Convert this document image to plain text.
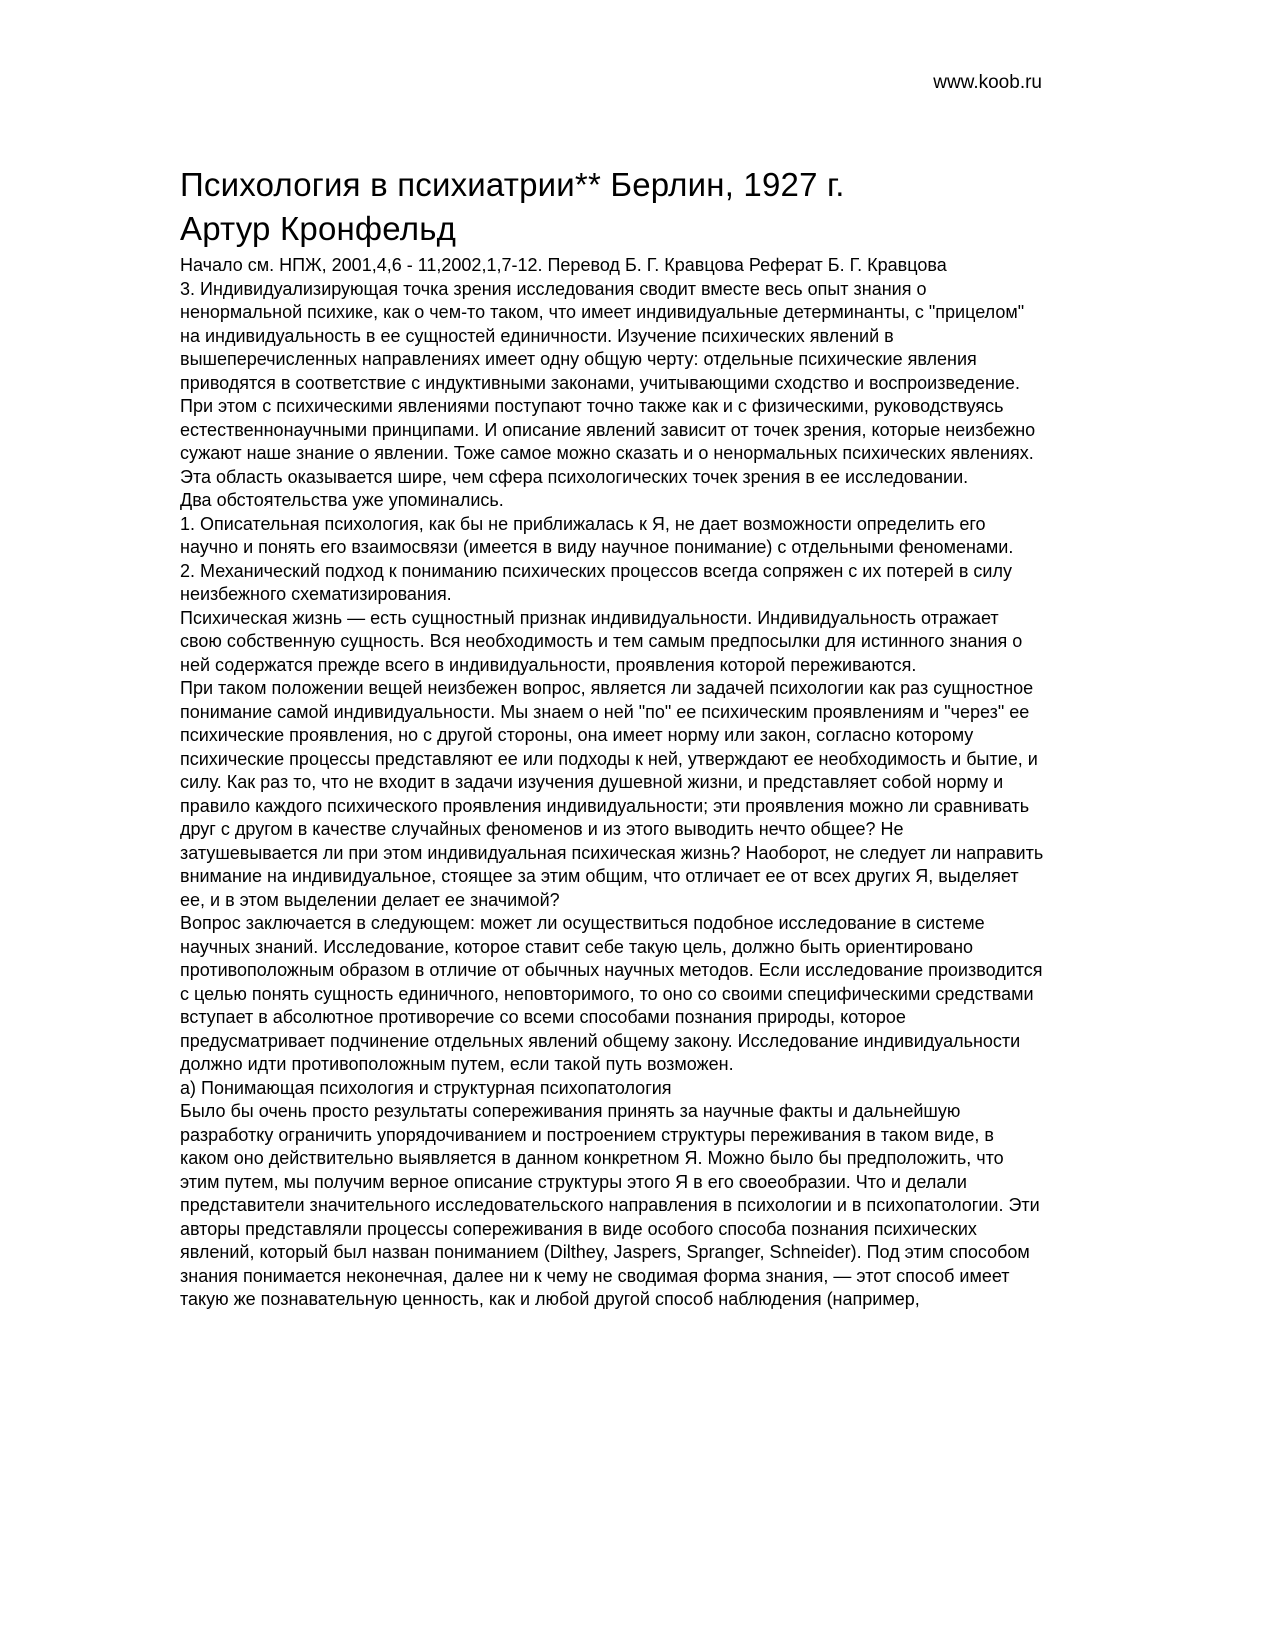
www.koob.ru
Психология в психиатрии** Берлин, 1927 г.
Артур Кронфельд

Начало см. НПЖ, 2001,4,6 - 11,2002,1,7-12. Перевод Б. Г. Кравцова Реферат Б. Г. Кравцова

3. Индивидуализирующая точка зрения исследования сводит вместе весь опыт знания о ненормальной психике, как о чем-то таком, что имеет индивидуальные детерминанты, с "прицелом" на индивидуальность в ее сущностей единичности. Изучение психических явлений в вышеперечисленных направлениях имеет одну общую черту: отдельные психические явления приводятся в соответствие с индуктивными законами, учитывающими сходство и воспроизведение. При этом с психическими явлениями поступают точно также как и с физическими, руководствуясь естественнонаучными принципами. И описание явлений зависит от точек зрения, которые неизбежно сужают наше знание о явлении. Тоже самое можно сказать и о ненормальных психических явлениях. Эта область оказывается шире, чем сфера психологических точек зрения в ее исследовании.

Два обстоятельства уже упоминались.

1. Описательная психология, как бы не приближалась к Я, не дает возможности определить его научно и понять его взаимосвязи (имеется в виду научное понимание) с отдельными феноменами.

2. Механический подход к пониманию психических процессов всегда сопряжен с их потерей в силу неизбежного схематизирования.

Психическая жизнь — есть сущностный признак индивидуальности. Индивидуальность отражает свою собственную сущность. Вся необходимость и тем самым предпосылки для истинного знания о ней содержатся прежде всего в индивидуальности, проявления которой переживаются.

При таком положении вещей неизбежен вопрос, является ли задачей психологии как раз сущностное понимание самой индивидуальности. Мы знаем о ней "по" ее психическим проявлениям и "через" ее психические проявления, но с другой стороны, она имеет норму или закон, согласно которому психические процессы представляют ее или подходы к ней, утверждают ее необходимость и бытие, и силу. Как раз то, что не входит в задачи изучения душевной жизни, и представляет собой норму и правило каждого психического проявления индивидуальности; эти проявления можно ли сравнивать друг с другом в качестве случайных феноменов и из этого выводить нечто общее? Не затушевывается ли при этом индивидуальная психическая жизнь? Наоборот, не следует ли направить внимание на индивидуальное, стоящее за этим общим, что отличает ее от всех других Я, выделяет ее, и в этом выделении делает ее значимой?

Вопрос заключается в следующем: может ли осуществиться подобное исследование в системе научных знаний. Исследование, которое ставит себе такую цель, должно быть ориентировано противоположным образом в отличие от обычных научных методов. Если исследование производится с целью понять сущность единичного, неповторимого, то оно со своими специфическими средствами вступает в абсолютное противоречие со всеми способами познания природы, которое предусматривает подчинение отдельных явлений общему закону. Исследование индивидуальности должно идти противоположным путем, если такой путь возможен.

а) Понимающая психология и структурная психопатология

Было бы очень просто результаты сопереживания принять за научные факты и дальнейшую разработку ограничить упорядочиванием и построением структуры переживания в таком виде, в каком оно действительно выявляется в данном конкретном Я. Можно было бы предположить, что этим путем, мы получим верное описание структуры этого Я в его своеобразии. Что и делали представители значительного исследовательского направления в психологии и в психопатологии. Эти авторы представляли процессы сопереживания в виде особого способа познания психических явлений, который был назван пониманием (Dilthey, Jaspers, Spranger, Schneider). Под этим способом знания понимается неконечная, далее ни к чему не сводимая форма знания, — этот способ имеет такую же познавательную ценность, как и любой другой способ наблюдения (например,
